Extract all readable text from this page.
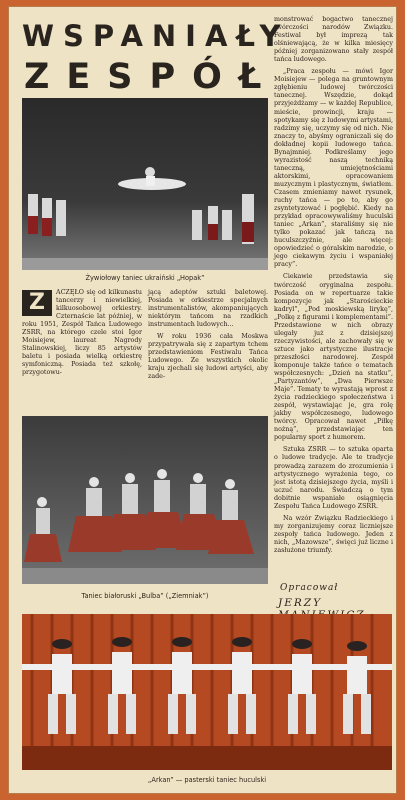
WSPANIAŁY
ZESPÓŁ
Żywiołowy taniec ukraiński „Hopak”
Z	ACZĘŁO się od kilkunastu tancerzy i niewielkiej, kilkuosobowej orkiestry. Czternaście lat później, w roku 1951, Zespół Tańca Ludowego ZSRR, na którego czele stoi Igor Moisiejew, laureat Nagrody Stalinowskiej, liczy 85 artystów baletu i posiada wielką orkiestrę symfoniczną. Posiada też szkołę, przygotowu-

jącą adeptów sztuki baletowej. Posiada w orkiestrze specjalnych instrumentalistów, akompaniujących niektórym tańcom na rzadkich instrumentach ludowych...

W roku 1936 cała Moskwa przypatrywała się z zapartym tchem przedstawieniom Festiwalu Tańca Ludowego. Ze wszystkich okolic kraju zjechali się ludowi artyści, aby zade-

Taniec białoruski „Bulba” („Ziemniak”)

monstrować bogactwo tanecznej twórczości narodów Związku. Festiwal był imprezą tak olśniewającą, że w kilka miesięcy później zorganizowano stały zespół tańca ludowego.

„Praca zespołu — mówi Igor Moisiejew — polega na gruntownym zgłębieniu ludowej twórczości tanecznej. Wszędzie, dokąd przyjeżdżamy — w każdej Republice, mieście, prowincji, kraju — spotykamy się z ludowymi artystami, radzimy się, uczymy się od nich. Nie znaczy to, abyśmy ograniczali się do dokładnej kopii ludowego tańca. Bynajmniej. Podkreślamy jego wyrazistość naszą techniką taneczną, umiejętnościami aktorskimi, opracowaniem muzycznym i plastycznym, światłem. Czasem zmieniamy nawet rysunek, ruchy tańca — po to, aby go zsyntetyzować i pogłębić. Kiedy na przykład opracowywaliśmy huculski taniec „Arkan”, staraliśmy się nie tylko pokazać jak tańczą na huculszczyźnie, ale więcej: opowiedzieć o góralskim narodzie, o jego ciekawym życiu i wspaniałej pracy”.

Ciekawie przedstawia się twórczość oryginalna zespołu. Posiada on w repertuarze takie kompozycje jak „Starościeckie kadryl”, „Pod moskiewską lirykę”, „Polkę z figurami i komplementami”. Przedstawione w nich obrazy ulegały już z dzisiejszej rzeczywistości, ale zachowały się w sztuce jako artystyczne ilustracje przeszłości narodowej. Zespół komponuje także tańce o tematach współczesnych: „Dzień na statku”, „Partyzantów”, „Dwa Pierwsze Maje”. Tematy te wyrastają wprost z życia radzieckiego społeczeństwa i zespół, wystawiając je, gra rolę jakby współczesnego, ludowego twórcy. Opracował nawet „Piłkę nożną”, przedstawiając ten popularny sport z humorem.

Sztuka ZSRR — to sztuka oparta o ludowe tradycje. Ale te tradycje prowadzą zarazem do zrozumienia i artystycznego wyrażenia tego, co jest istotą dzisiejszego życia, myśli i uczuć narodu. Świadczą o tym dobitnie wspaniałe osiągnięcia Zespołu Tańca Ludowego ZSRR.

Na wzór Związku Radzieckiego i my zorganizujemy coraz liczniejsze zespoły tańca ludowego. Jeden z nich, „Mazowsze”, święci już liczne i zasłużone triumfy.

Opracował
JERZY
„Arkan” — pasterski taniec huculski
